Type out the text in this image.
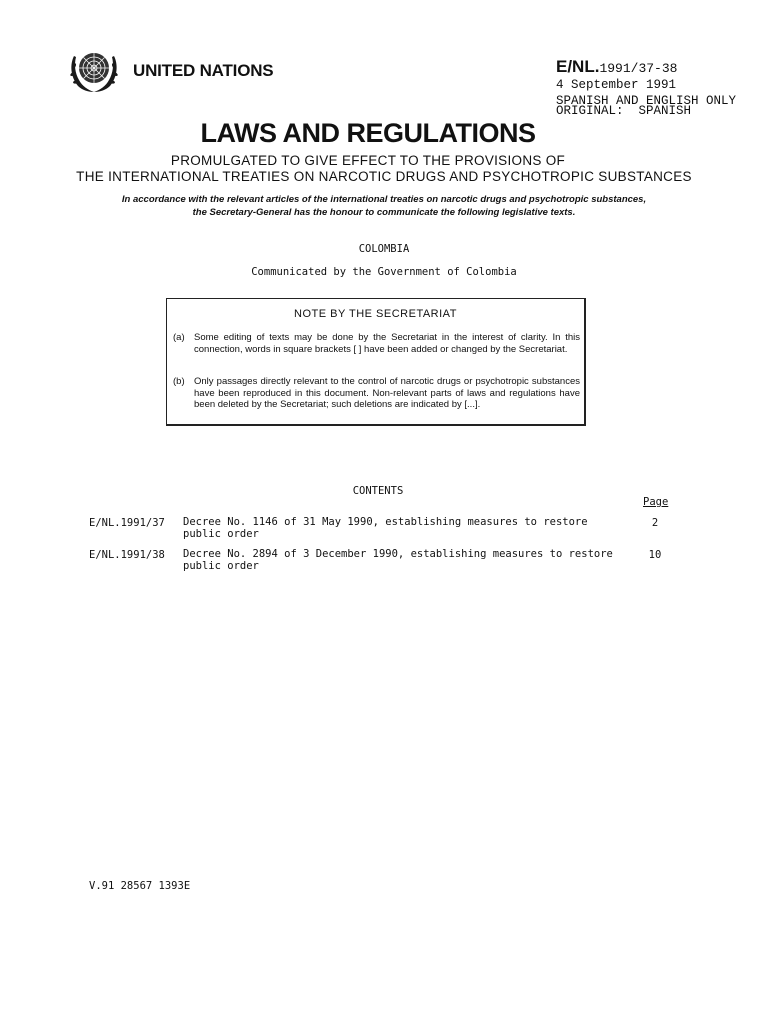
UNITED NATIONS	E/NL.1991/37-38
4 September 1991
SPANISH AND ENGLISH ONLY
ORIGINAL:  SPANISH
LAWS AND REGULATIONS
PROMULGATED TO GIVE EFFECT TO THE PROVISIONS OF
THE INTERNATIONAL TREATIES ON NARCOTIC DRUGS AND PSYCHOTROPIC SUBSTANCES
In accordance with the relevant articles of the international treaties on narcotic drugs and psychotropic substances,
the Secretary-General has the honour to communicate the following legislative texts.
COLOMBIA
Communicated by the Government of Colombia
NOTE BY THE SECRETARIAT
(a) Some editing of texts may be done by the Secretariat in the interest of clarity. In this connection, words in square brackets [ ] have been added or changed by the Secretariat.
(b) Only passages directly relevant to the control of narcotic drugs or psychotropic substances have been reproduced in this document. Non-relevant parts of laws and regulations have been deleted by the Secretariat; such deletions are indicated by [...].
CONTENTS
Page
E/NL.1991/37 Decree No. 1146 of 31 May 1990, establishing measures to restore
public order
2
E/NL.1991/38 Decree No. 2894 of 3 December 1990, establishing measures to restore
public order
10
V.91 28567 1393E
